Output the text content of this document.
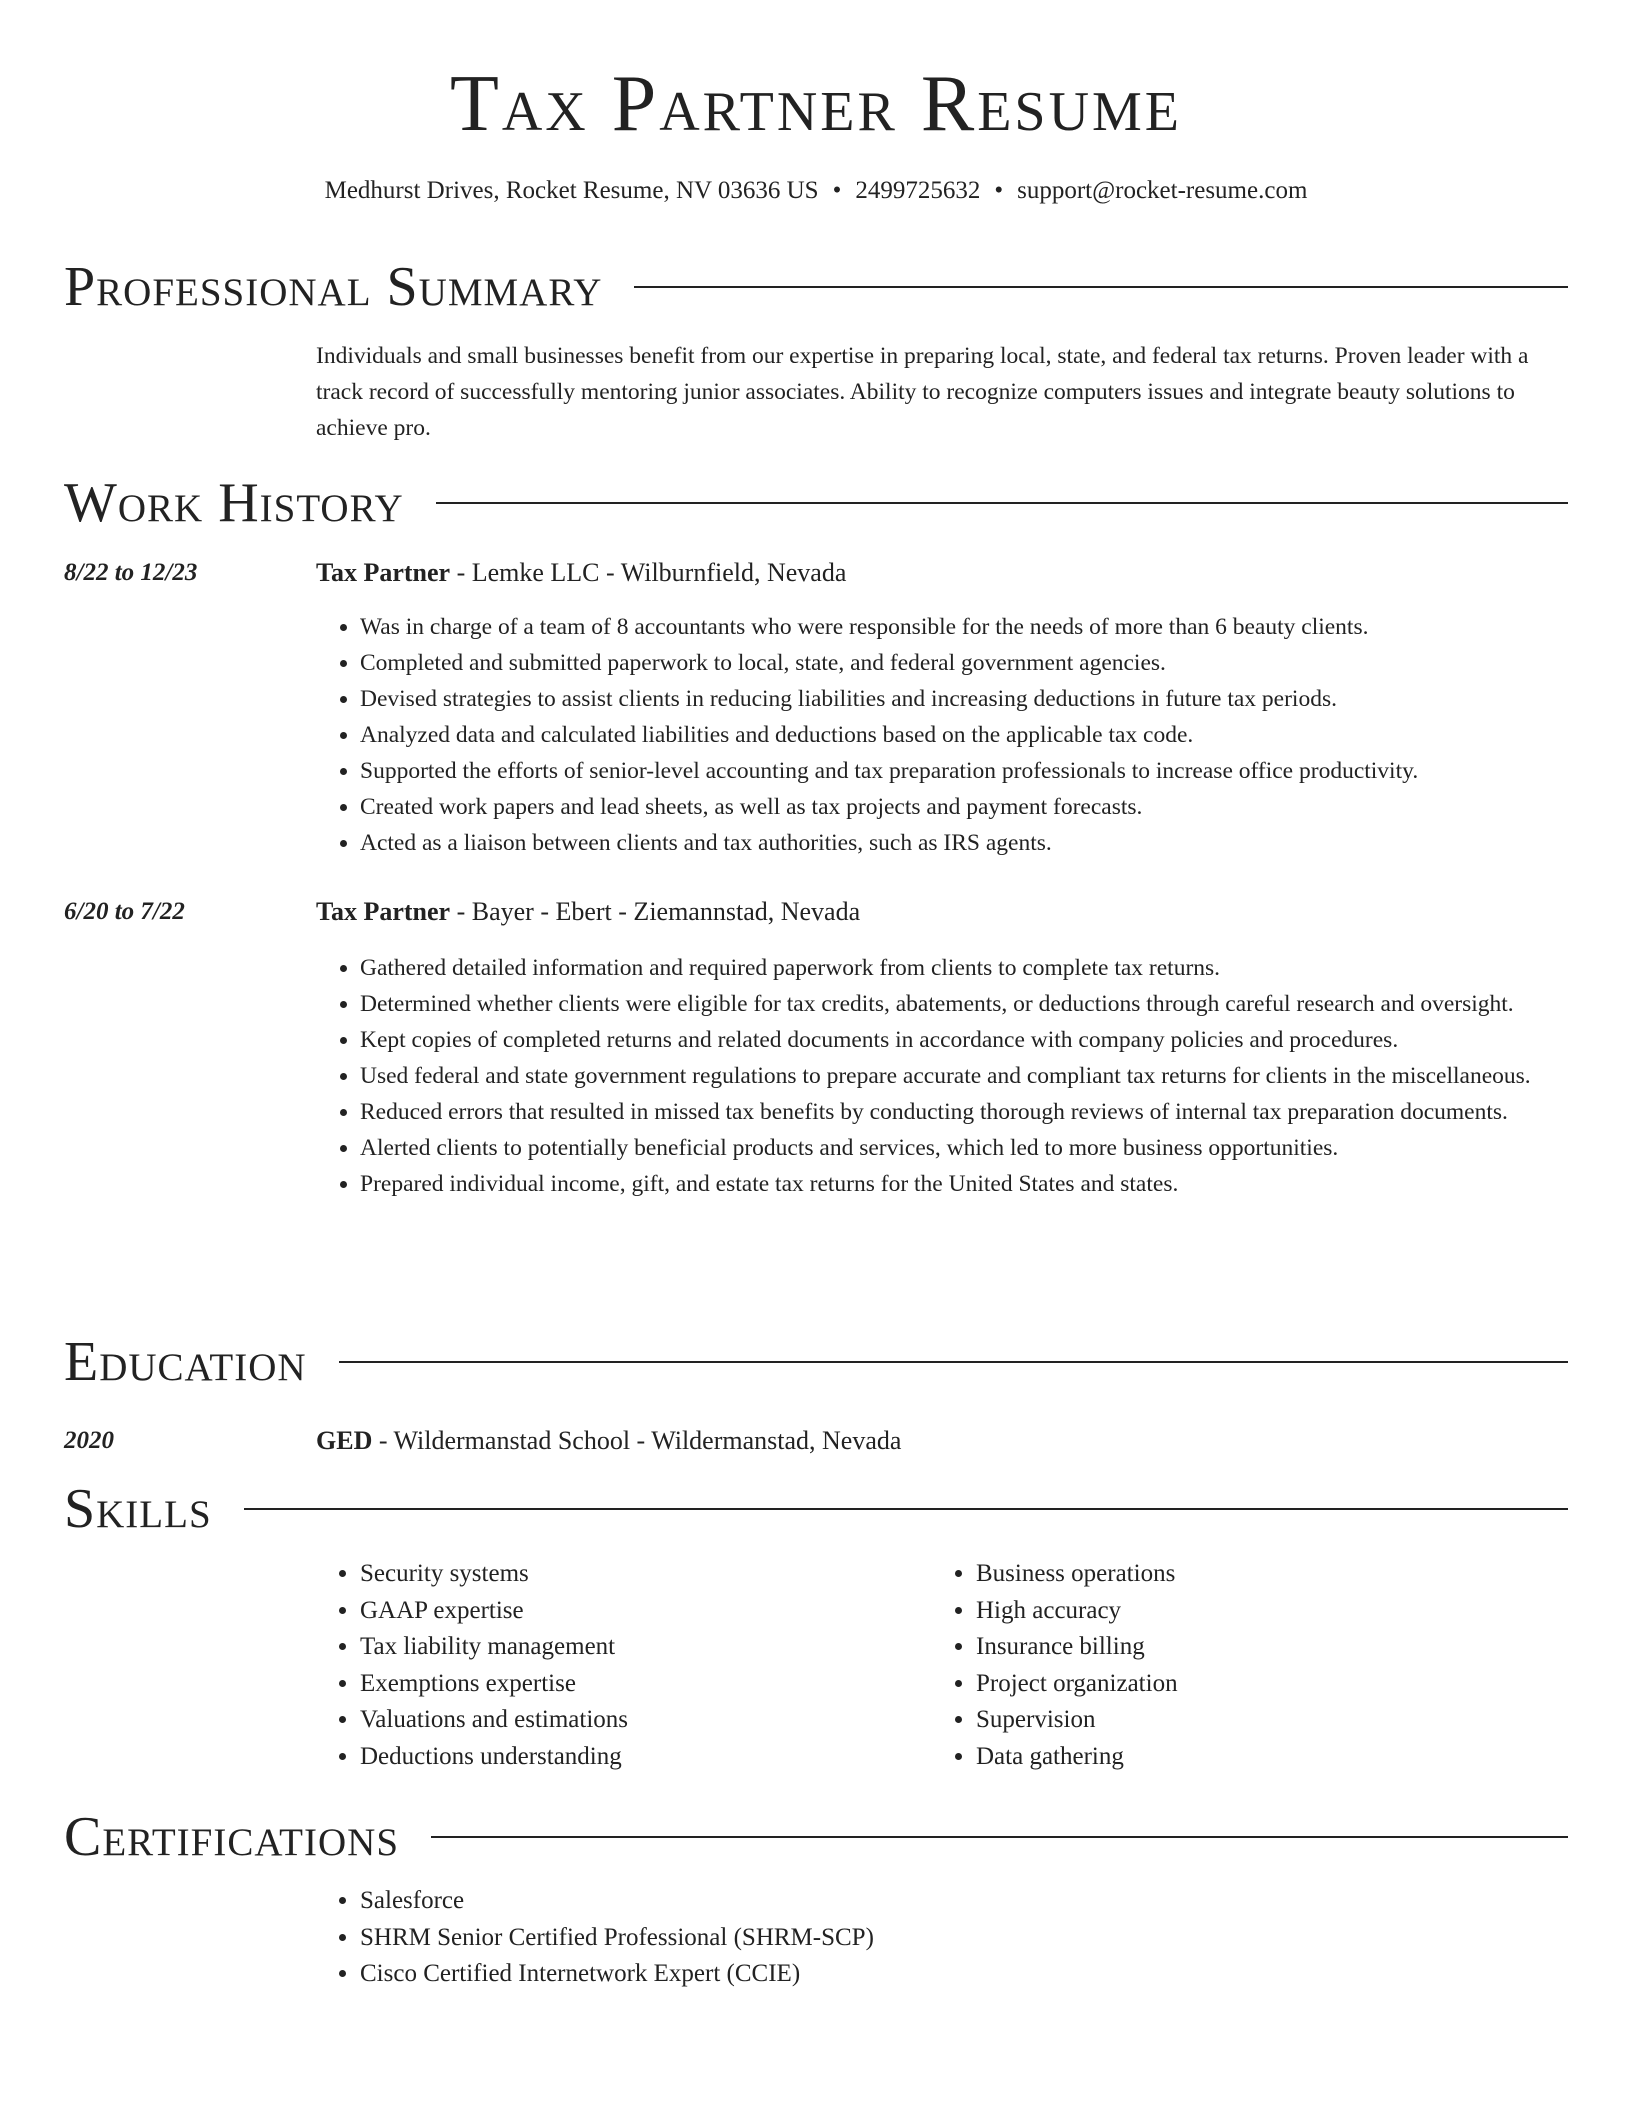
Tax Partner Resume
Medhurst Drives, Rocket Resume, NV 03636 US • 2499725632 • support@rocket-resume.com
Professional Summary

Individuals and small businesses benefit from our expertise in preparing local, state, and federal tax returns. Proven leader with a track record of successfully mentoring junior associates. Ability to recognize computers issues and integrate beauty solutions to achieve pro.

Work History
8/22 to 12/23	Tax Partner - Lemke LLC - Wilburnfield, Nevada
• Was in charge of a team of 8 accountants who were responsible for the needs of more than 6 beauty clients.
• Completed and submitted paperwork to local, state, and federal government agencies.
• Devised strategies to assist clients in reducing liabilities and increasing deductions in future tax periods.
• Analyzed data and calculated liabilities and deductions based on the applicable tax code.
• Supported the efforts of senior-level accounting and tax preparation professionals to increase office productivity.
• Created work papers and lead sheets, as well as tax projects and payment forecasts.
• Acted as a liaison between clients and tax authorities, such as IRS agents.
6/20 to 7/22	Tax Partner - Bayer - Ebert - Ziemannstad, Nevada
• Gathered detailed information and required paperwork from clients to complete tax returns.
• Determined whether clients were eligible for tax credits, abatements, or deductions through careful research and oversight.
• Kept copies of completed returns and related documents in accordance with company policies and procedures.
• Used federal and state government regulations to prepare accurate and compliant tax returns for clients in the miscellaneous.
• Reduced errors that resulted in missed tax benefits by conducting thorough reviews of internal tax preparation documents.
• Alerted clients to potentially beneficial products and services, which led to more business opportunities.
• Prepared individual income, gift, and estate tax returns for the United States and states.
Education
2020	GED - Wildermanstad School - Wildermanstad, Nevada
Skills
• Security systems
• GAAP expertise
• Tax liability management
• Exemptions expertise
• Valuations and estimations
• Deductions understanding
• Business operations
• High accuracy
• Insurance billing
• Project organization
• Supervision
• Data gathering
Certifications
• Salesforce
• SHRM Senior Certified Professional (SHRM-SCP)
• Cisco Certified Internetwork Expert (CCIE)
